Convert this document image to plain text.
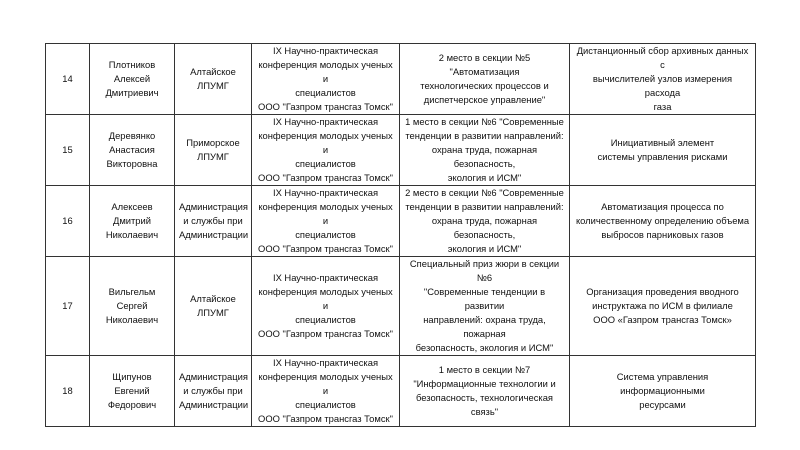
14	Плотников
Алексей
Дмитриевич	Алтайское
ЛПУМГ	IX Научно-практическая
конференция молодых ученых и
специалистов
ООО "Газпром трансгаз Томск"	2 место в секции №5 "Автоматизация
технологических процессов и
диспетчерское управление"	Дистанционный сбор архивных данных с
вычислителей узлов измерения расхода
газа
15	Деревянко
Анастасия
Викторовна	Приморское
ЛПУМГ	IX Научно-практическая
конференция молодых ученых и
специалистов
ООО "Газпром трансгаз Томск"	1 место в секции №6 "Современные
тенденции в развитии направлений:
охрана труда, пожарная безопасность,
экология и ИСМ"	Инициативный элемент
системы управления рисками
16	Алексеев
Дмитрий
Николаевич	Администрация
и службы при
Администрации	IX Научно-практическая
конференция молодых ученых и
специалистов
ООО "Газпром трансгаз Томск"	2 место в секции №6 "Современные
тенденции в развитии направлений:
охрана труда, пожарная безопасность,
экология и ИСМ"	Автоматизация процесса по
количественному определению объема
выбросов парниковых газов
17	Вильгельм
Сергей
Николаевич	Алтайское
ЛПУМГ	IX Научно-практическая
конференция молодых ученых и
специалистов
ООО "Газпром трансгаз Томск"	Специальный приз жюри в секции №6
"Современные тенденции в развитии
направлений: охрана труда, пожарная
безопасность, экология и ИСМ"	Организация проведения вводного
инструктажа по ИСМ в филиале
ООО «Газпром трансгаз Томск»
18	Щипунов
Евгений
Федорович	Администрация
и службы при
Администрации	IX Научно-практическая
конференция молодых ученых и
специалистов
ООО "Газпром трансгаз Томск"	1 место в секции №7
"Информационные технологии и
безопасность, технологическая связь"	Система управления информационными
ресурсами
